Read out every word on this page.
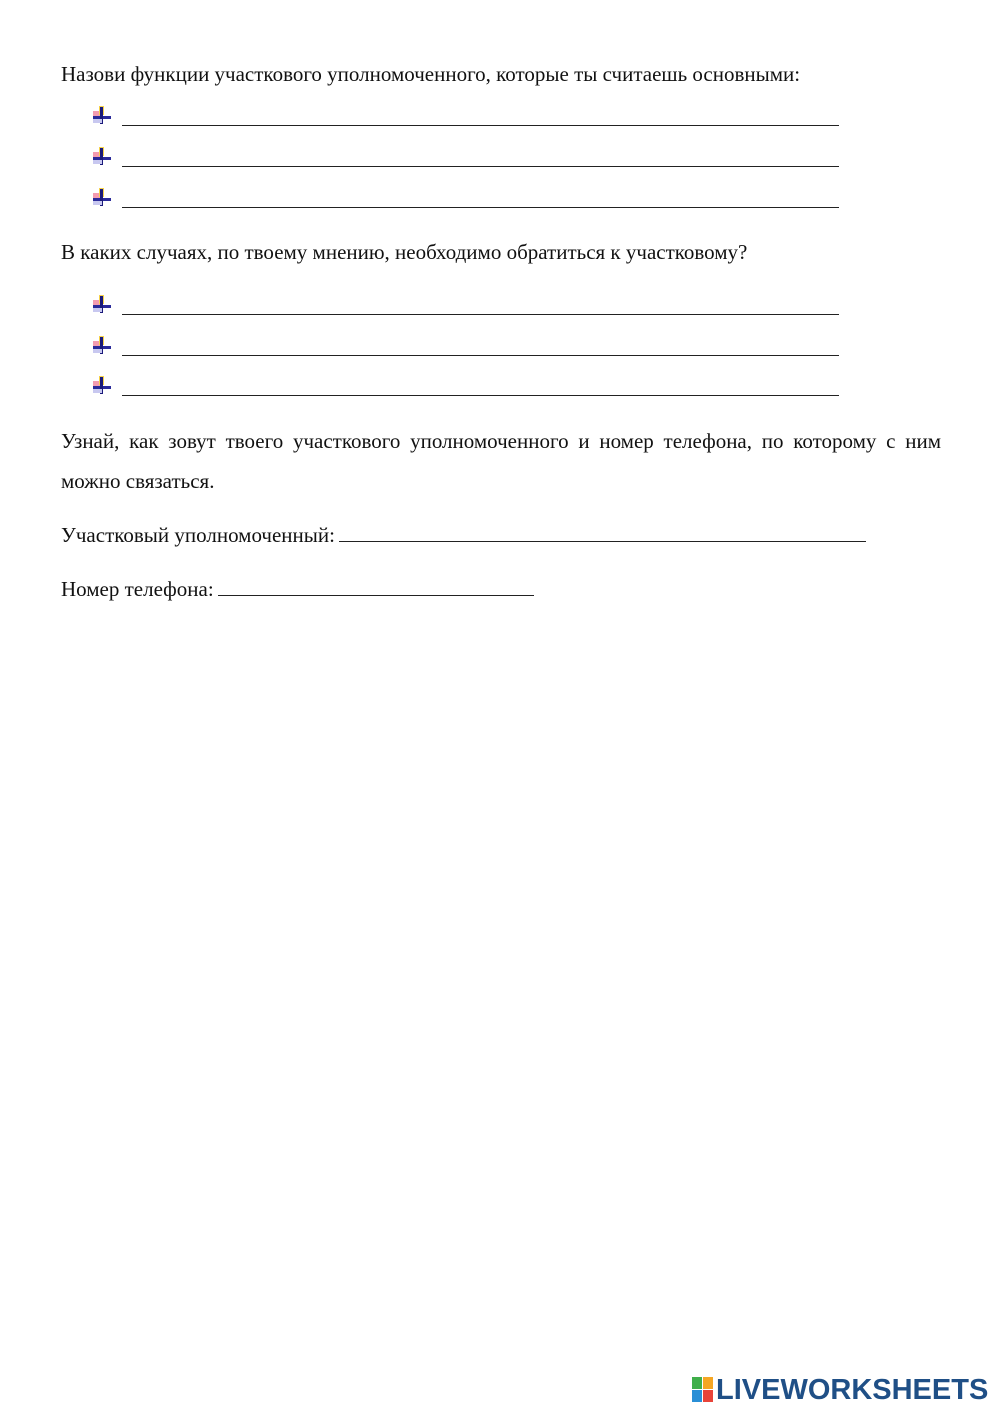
Назови функции участкового уполномоченного, которые ты считаешь основными:
В каких случаях, по твоему мнению, необходимо обратиться к участковому?
Узнай, как зовут твоего участкового уполномоченного и номер телефона, по которому с ним можно связаться.
Участковый уполномоченный:
Номер телефона:
LIVEWORKSHEETS
